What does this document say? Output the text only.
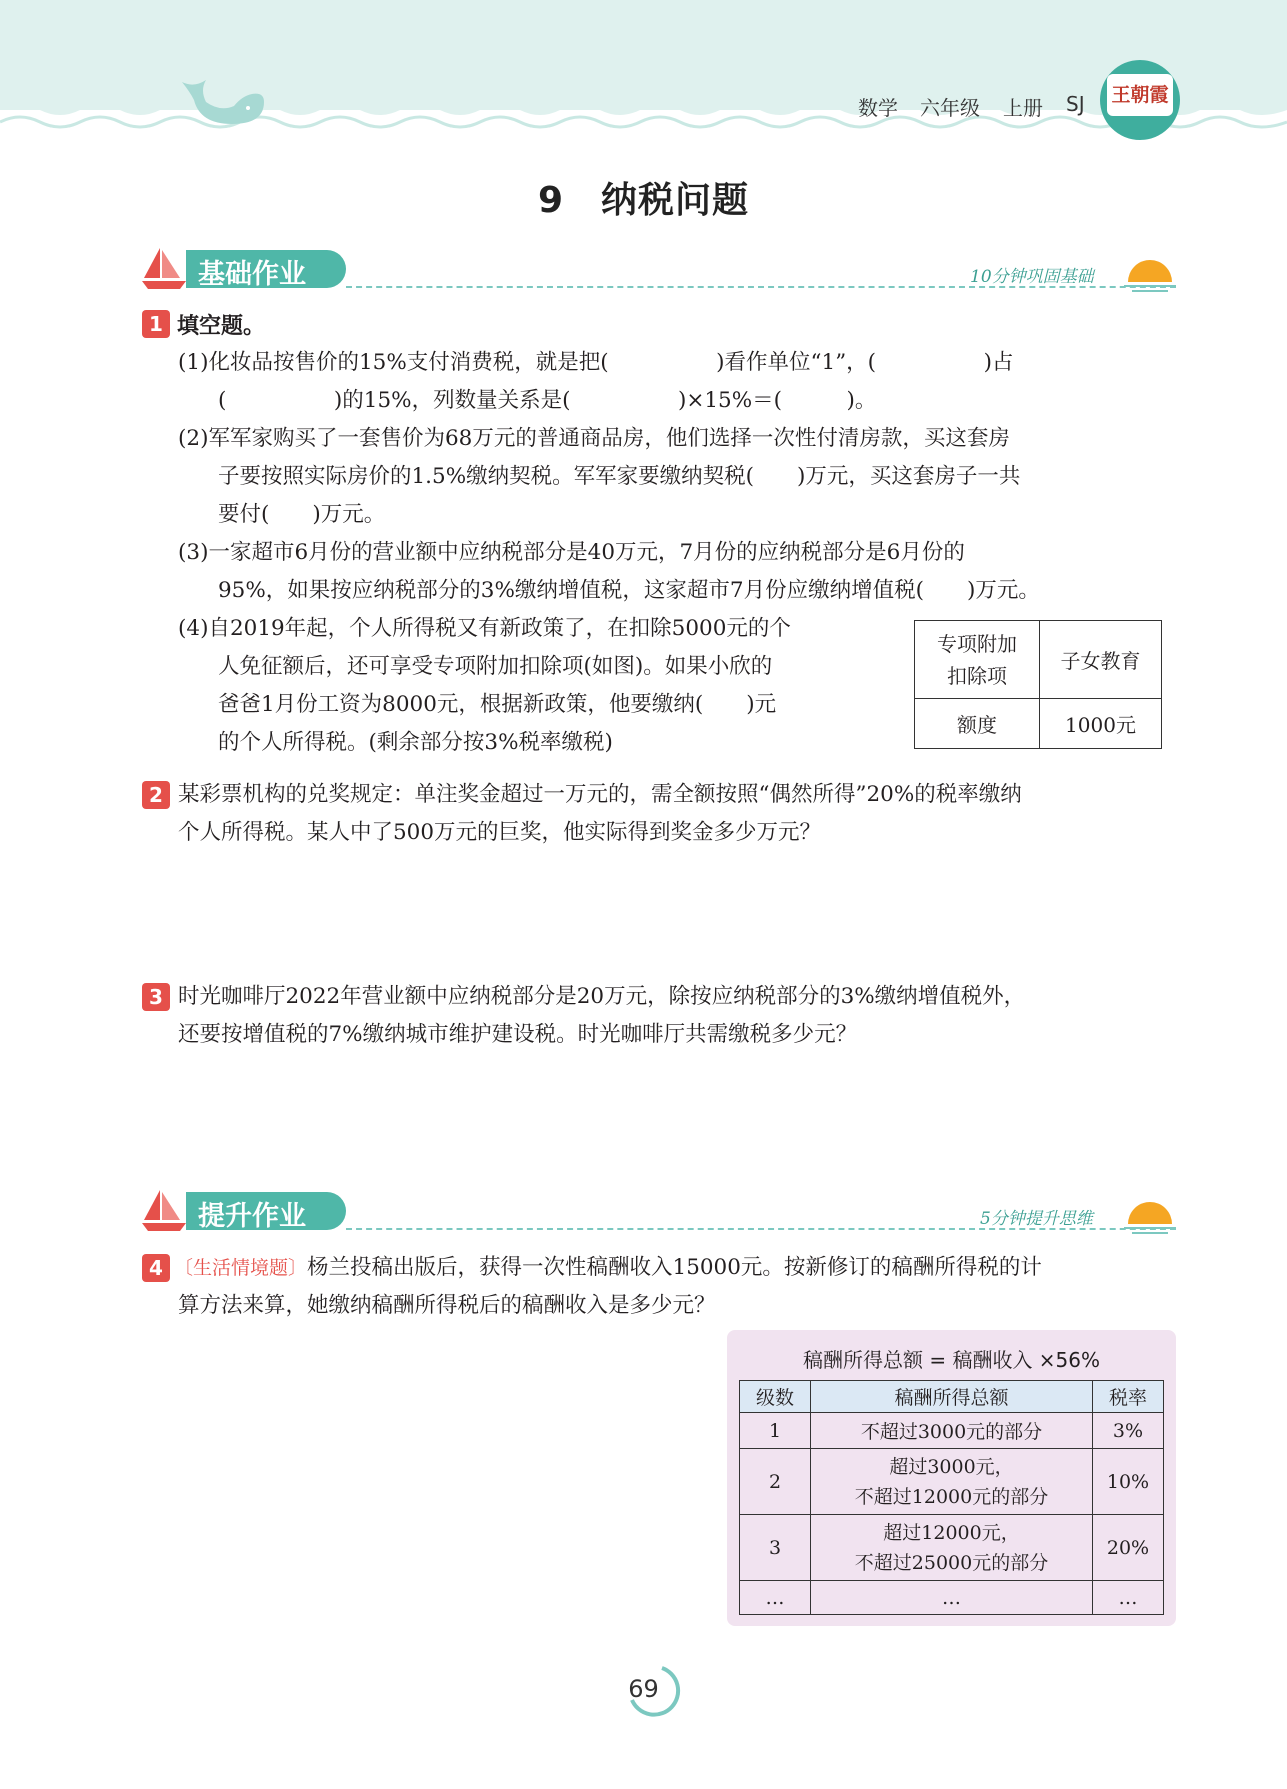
数学 六年级 上册 SJ 王朝霞
9　纳税问题
基础作业	10分钟巩固基础
1 填空题。
(1)化妆品按售价的15%支付消费税，就是把(　　　　　)看作单位“1”，(　　　　　)占
(　　　　　)的15%，列数量关系是(　　　　　)×15%＝(　　　)。
(2)军军家购买了一套售价为68万元的普通商品房，他们选择一次性付清房款，买这套房
子要按照实际房价的1.5%缴纳契税。军军家要缴纳契税(　　)万元，买这套房子一共
要付(　　)万元。
(3)一家超市6月份的营业额中应纳税部分是40万元，7月份的应纳税部分是6月份的
95%，如果按应纳税部分的3%缴纳增值税，这家超市7月份应缴纳增值税(　　)万元。
(4)自2019年起，个人所得税又有新政策了，在扣除5000元的个
人免征额后，还可享受专项附加扣除项(如图)。如果小欣的
爸爸1月份工资为8000元，根据新政策，他要缴纳(　　)元
的个人所得税。(剩余部分按3%税率缴税)
专项附加
扣除项	子女教育
额度	1000元
2 某彩票机构的兑奖规定：单注奖金超过一万元的，需全额按照“偶然所得”20%的税率缴纳
个人所得税。某人中了500万元的巨奖，他实际得到奖金多少万元？
3 时光咖啡厅2022年营业额中应纳税部分是20万元，除按应纳税部分的3%缴纳增值税外，
还要按增值税的7%缴纳城市维护建设税。时光咖啡厅共需缴税多少元？
提升作业	5分钟提升思维
4 〔生活情境题〕杨兰投稿出版后，获得一次性稿酬收入15000元。按新修订的稿酬所得税的计
算方法来算，她缴纳稿酬所得税后的稿酬收入是多少元？
稿酬所得总额 = 稿酬收入 ×56%
级数	稿酬所得总额	税率
1	不超过3000元的部分	3%
2	超过3000元，
不超过12000元的部分	10%
3	超过12000元，
不超过25000元的部分	20%
…	…	…
69
